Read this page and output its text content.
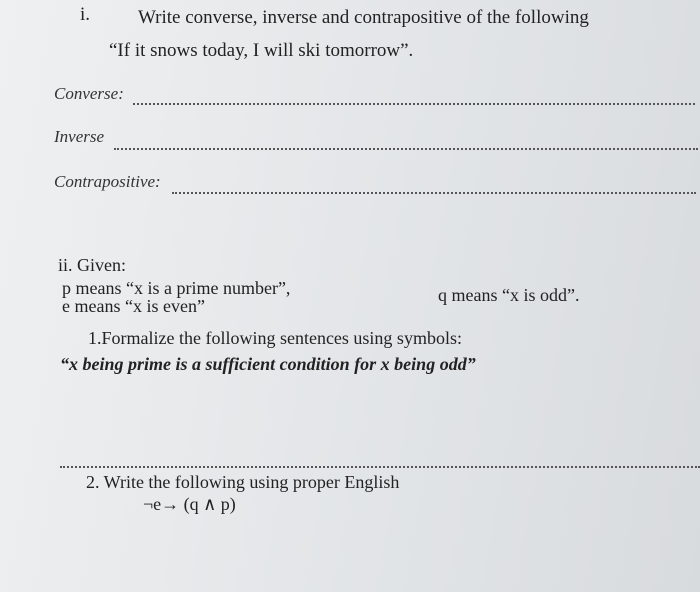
i.	Write converse, inverse and contrapositive of the following
“If it snows today, I will ski tomorrow”.
Converse:
Inverse
Contrapositive:
ii. Given:
p means “x is a prime number”,	q means “x is odd”.
e means “x is even”
1.Formalize the following sentences using symbols:
“x being prime is a sufficient condition for x being odd”
2. Write the following using proper English
¬e→ (q ∧ p)
